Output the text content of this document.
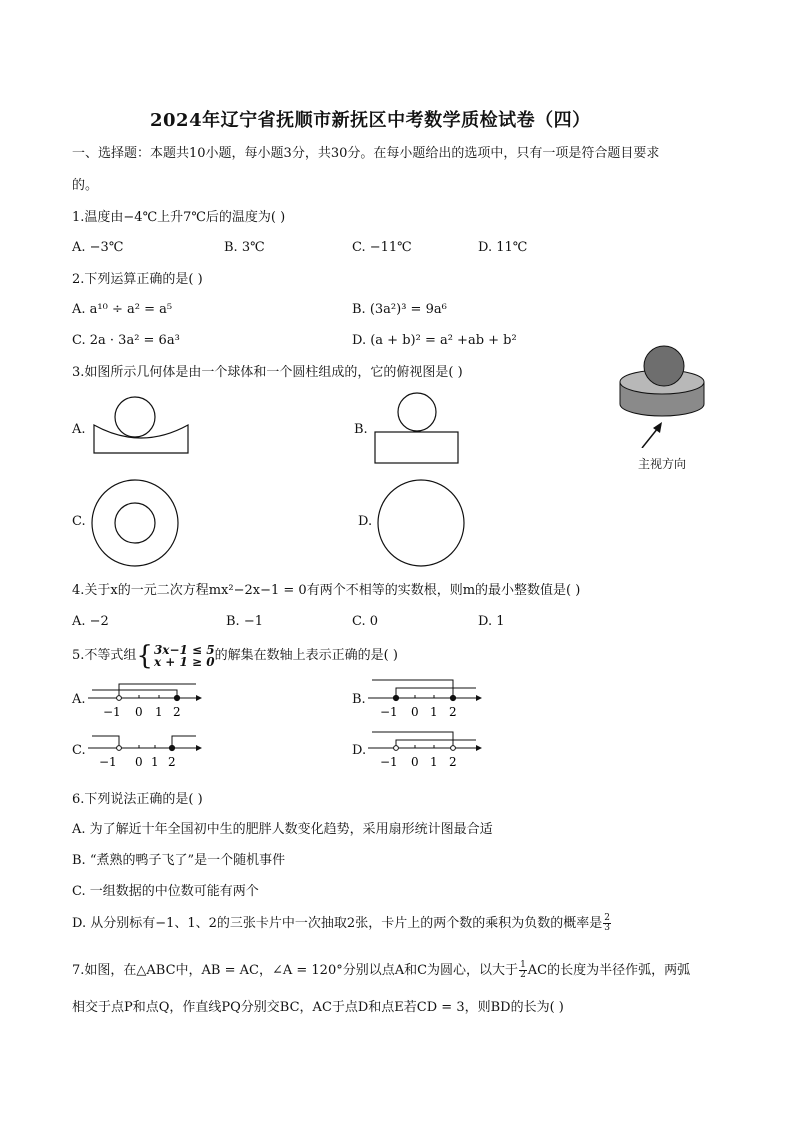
2024年辽宁省抚顺市新抚区中考数学质检试卷（四）
一、选择题：本题共10小题，每小题3分，共30分。在每小题给出的选项中，只有一项是符合题目要求
的。
1.温度由−4℃上升7℃后的温度为( )
A. −3℃	B. 3℃	C. −11℃	D. 11℃
2.下列运算正确的是( )
A. a¹⁰ ÷ a² = a⁵	B. (3a²)³ = 9a⁶
C. 2a · 3a² = 6a³	D. (a + b)² = a² +ab + b²
3.如图所示几何体是由一个球体和一个圆柱组成的，它的俯视图是( )
A.	B.
C.	D.
主视方向
4.关于x的一元二次方程mx²−2x−1 = 0有两个不相等的实数根，则m的最小整数值是( )
A. −2	B. −1	C. 0	D. 1
5.不等式组 { 3x−1 ≤ 5
x + 1 ≥ 0 的解集在数轴上表示正确的是( )
A.
−1 0 1 2
B.
−1 0 1 2
C.
−1 0 1 2
D.
−1 0 1 2
6.下列说法正确的是( )
A. 为了解近十年全国初中生的肥胖人数变化趋势，采用扇形统计图最合适
B. “煮熟的鸭子飞了”是一个随机事件
C. 一组数据的中位数可能有两个
D. 从分别标有−1、1、2的三张卡片中一次抽取2张，卡片上的两个数的乘积为负数的概率是 $\frac{2}{3}$
7.如图，在△ABC中，AB = AC，∠A = 120°分别以点A和C为圆心，以大于 $\frac{1}{2}$ AC的长度为半径作弧，两弧
相交于点P和点Q，作直线PQ分别交BC，AC于点D和点E若CD = 3，则BD的长为( )
